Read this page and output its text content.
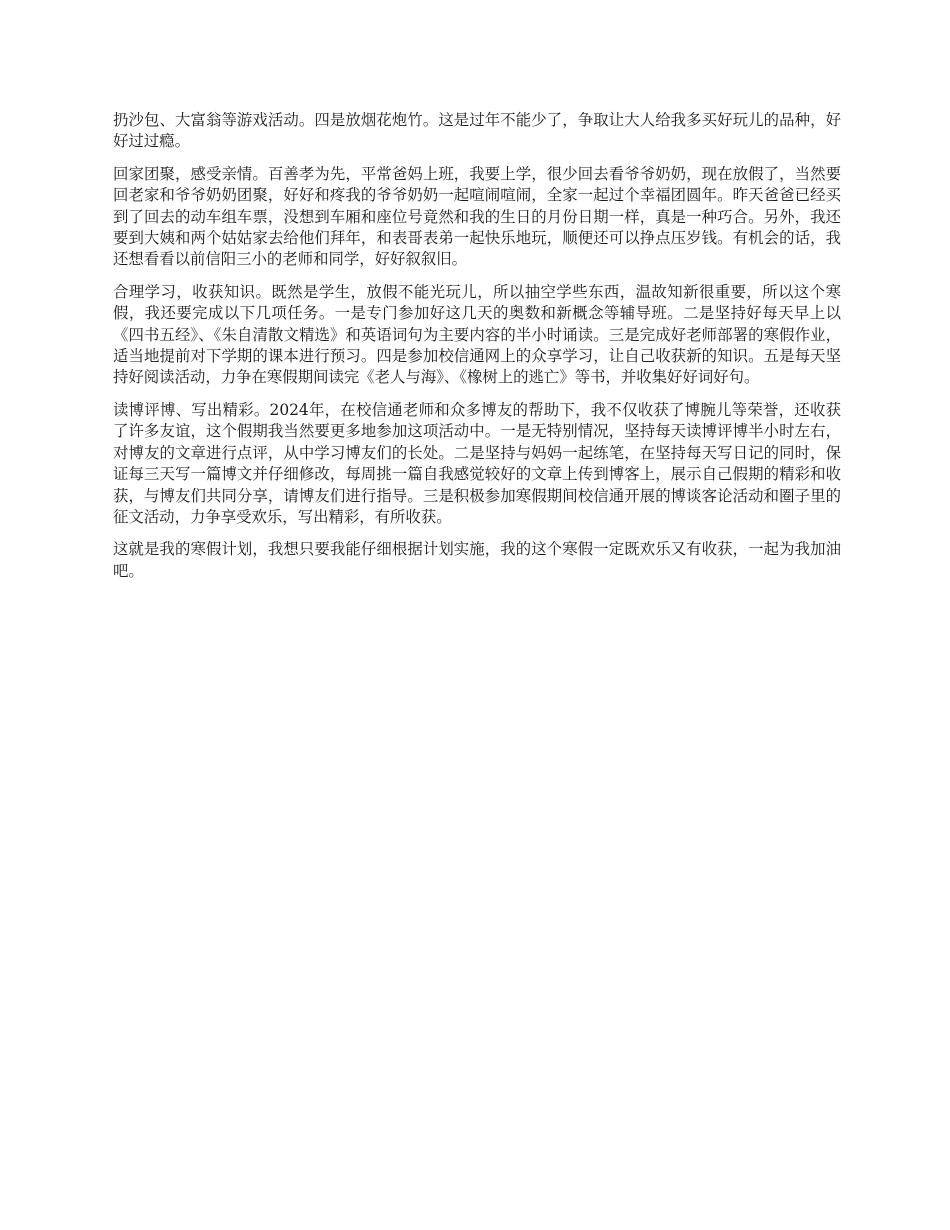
扔沙包、大富翁等游戏活动。四是放烟花炮竹。这是过年不能少了，争取让大人给我多买好玩儿的品种，好好过过瘾。

回家团聚，感受亲情。百善孝为先，平常爸妈上班，我要上学，很少回去看爷爷奶奶，现在放假了，当然要回老家和爷爷奶奶团聚，好好和疼我的爷爷奶奶一起喧闹喧闹，全家一起过个幸福团圆年。昨天爸爸已经买到了回去的动车组车票，没想到车厢和座位号竟然和我的生日的月份日期一样，真是一种巧合。另外，我还要到大姨和两个姑姑家去给他们拜年，和表哥表弟一起快乐地玩，顺便还可以挣点压岁钱。有机会的话，我还想看看以前信阳三小的老师和同学，好好叙叙旧。

合理学习，收获知识。既然是学生，放假不能光玩儿，所以抽空学些东西，温故知新很重要，所以这个寒假，我还要完成以下几项任务。一是专门参加好这几天的奥数和新概念等辅导班。二是坚持好每天早上以《四书五经》、《朱自清散文精选》和英语词句为主要内容的半小时诵读。三是完成好老师部署的寒假作业，适当地提前对下学期的课本进行预习。四是参加校信通网上的众享学习，让自己收获新的知识。五是每天坚持好阅读活动，力争在寒假期间读完《老人与海》、《橡树上的逃亡》等书，并收集好好词好句。

读博评博、写出精彩。2024年，在校信通老师和众多博友的帮助下，我不仅收获了博腕儿等荣誉，还收获了许多友谊，这个假期我当然要更多地参加这项活动中。一是无特别情况，坚持每天读博评博半小时左右，对博友的文章进行点评，从中学习博友们的长处。二是坚持与妈妈一起练笔，在坚持每天写日记的同时，保证每三天写一篇博文并仔细修改，每周挑一篇自我感觉较好的文章上传到博客上，展示自己假期的精彩和收获，与博友们共同分享，请博友们进行指导。三是积极参加寒假期间校信通开展的博谈客论活动和圈子里的征文活动，力争享受欢乐，写出精彩，有所收获。

这就是我的寒假计划，我想只要我能仔细根据计划实施，我的这个寒假一定既欢乐又有收获，一起为我加油吧。
